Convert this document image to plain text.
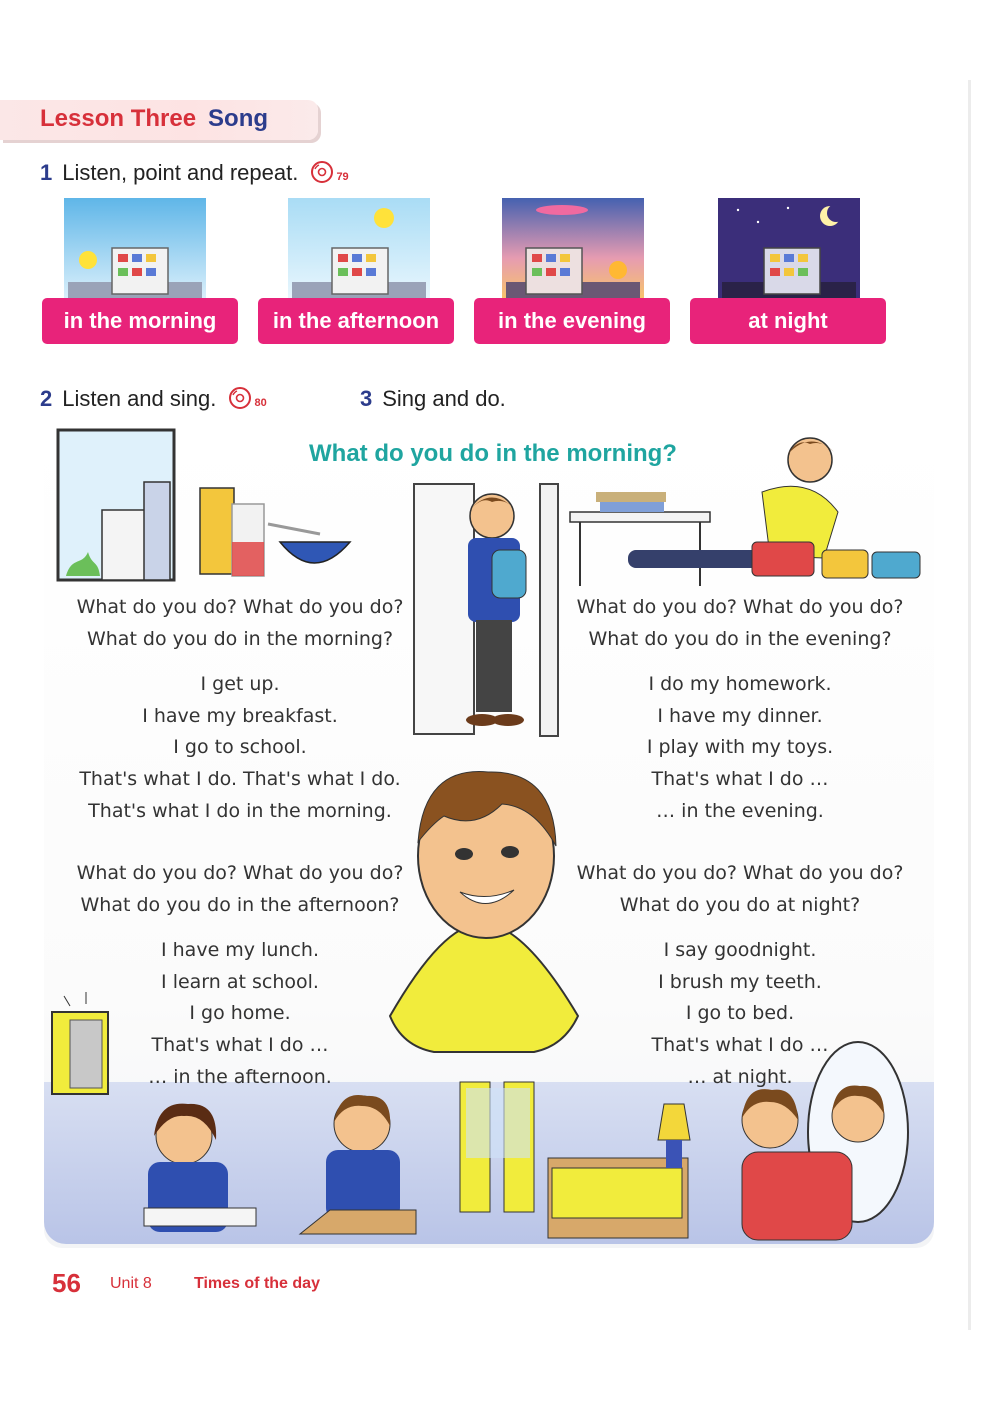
Lesson Three Song
1 Listen, point and repeat.	79
in the morning	in the afternoon	in the evening	at night
2 Listen and sing.	80	3 Sing and do.
What do you do in the morning?

What do you do? What do you do?

What do you do in the morning?

I get up.

I have my breakfast.

I go to school.

That's what I do. That's what I do.

That's what I do in the morning.

What do you do? What do you do?

What do you do in the evening?

I do my homework.

I have my dinner.

I play with my toys.

That's what I do …

… in the evening.

What do you do? What do you do?

What do you do in the afternoon?

I have my lunch.

I learn at school.

I go home.

That's what I do …

… in the afternoon.

What do you do? What do you do?

What do you do at night?

I say goodnight.

I brush my teeth.

I go to bed.

That's what I do …

… at night.

56 Unit 8	Times of the day
